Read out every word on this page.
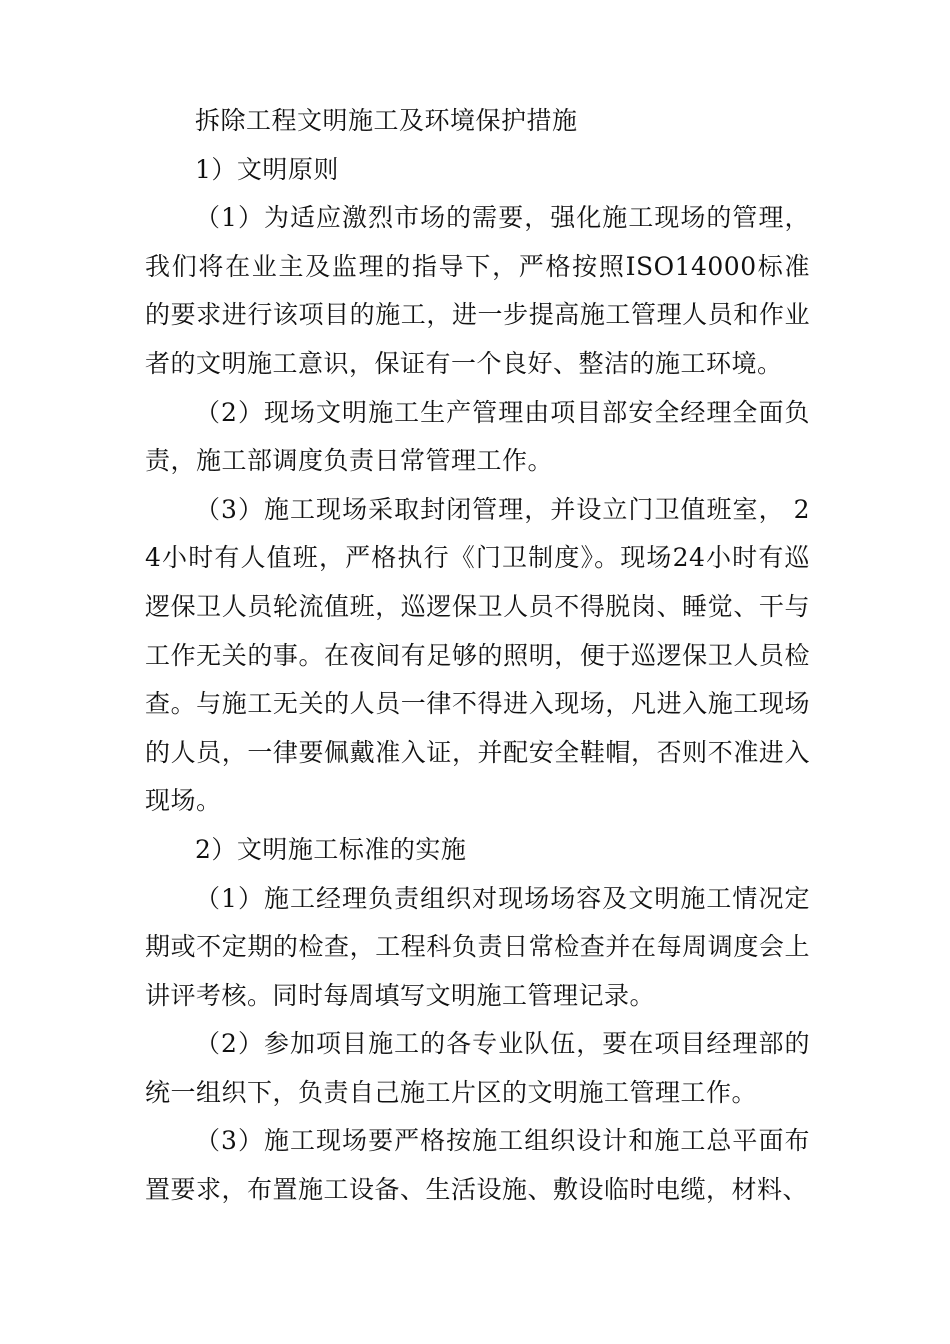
拆除工程文明施工及环境保护措施

1）文明原则

（1）为适应激烈市场的需要，强化施工现场的管理，我们将在业主及监理的指导下，严格按照ISO14000标准的要求进行该项目的施工，进一步提高施工管理人员和作业者的文明施工意识，保证有一个良好、整洁的施工环境。

（2）现场文明施工生产管理由项目部安全经理全面负责，施工部调度负责日常管理工作。

（3）施工现场采取封闭管理，并设立门卫值班室， 24小时有人值班，严格执行《门卫制度》。现场24小时有巡逻保卫人员轮流值班，巡逻保卫人员不得脱岗、睡觉、干与工作无关的事。在夜间有足够的照明，便于巡逻保卫人员检查。与施工无关的人员一律不得进入现场，凡进入施工现场的人员，一律要佩戴准入证，并配安全鞋帽，否则不准进入现场。

2）文明施工标准的实施

（1）施工经理负责组织对现场场容及文明施工情况定期或不定期的检查，工程科负责日常检查并在每周调度会上讲评考核。同时每周填写文明施工管理记录。

（2）参加项目施工的各专业队伍，要在项目经理部的统一组织下，负责自己施工片区的文明施工管理工作。

（3）施工现场要严格按施工组织设计和施工总平面布置要求，布置施工设备、生活设施、敷设临时电缆，材料、
